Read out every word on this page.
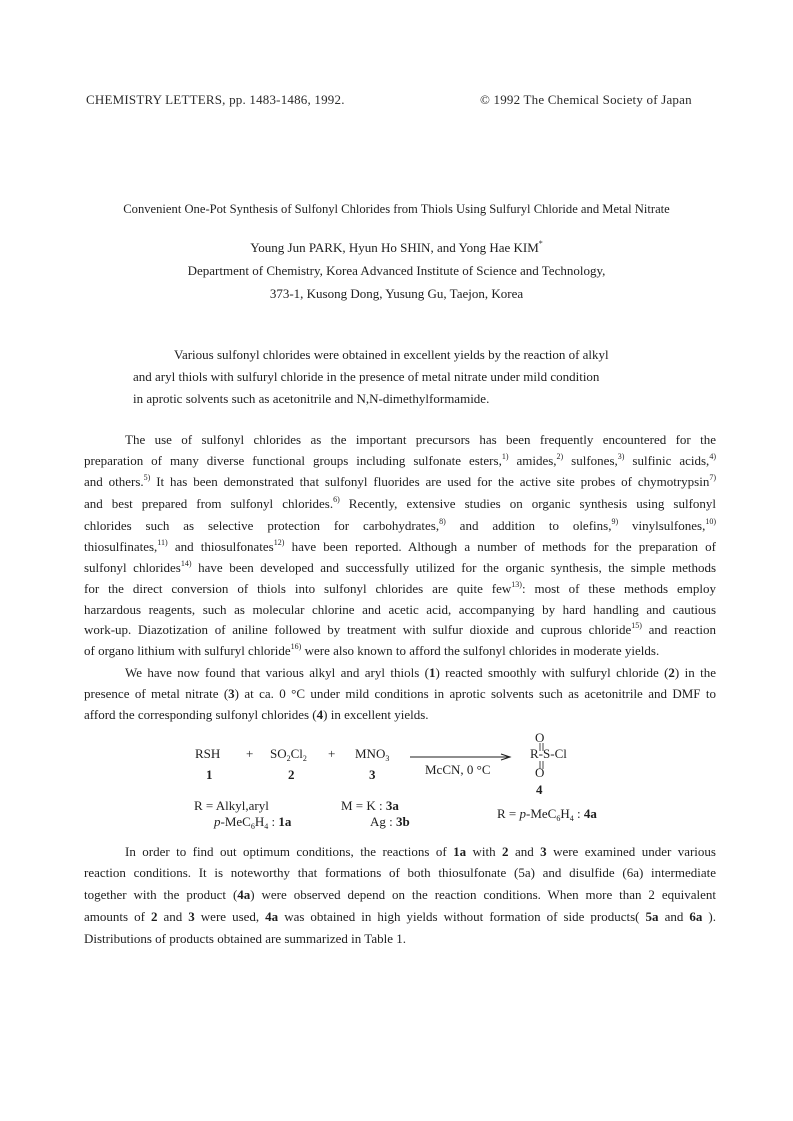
CHEMISTRY LETTERS, pp. 1483-1486, 1992.	© 1992 The Chemical Society of Japan
Convenient One-Pot Synthesis of Sulfonyl Chlorides from Thiols Using Sulfuryl Chloride and Metal Nitrate
Young Jun PARK, Hyun Ho SHIN, and Yong Hae KIM*
Department of Chemistry, Korea Advanced Institute of Science and Technology,
373-1, Kusong Dong, Yusung Gu, Taejon, Korea
Various sulfonyl chlorides were obtained in excellent yields by the reaction of alkyl
and aryl thiols with sulfuryl chloride in the presence of metal nitrate under mild condition
in aprotic solvents such as acetonitrile and N,N-dimethylformamide.
The use of sulfonyl chlorides as the important precursors has been frequently encountered for the
preparation of many diverse functional groups including sulfonate esters,$^{1)}$ amides,$^{2)}$ sulfones,$^{3)}$ sulfinic acids,$^{4)}$
and others.$^{5)}$ It has been demonstrated that sulfonyl fluorides are used for the active site probes of chymotrypsin$^{7)}$
and best prepared from sulfonyl chlorides.$^{6)}$ Recently, extensive studies on organic synthesis using sulfonyl
chlorides such as selective protection for carbohydrates,$^{8)}$ and addition to olefins,$^{9)}$ vinylsulfones,$^{10)}$
thiosulfinates,$^{11)}$ and thiosulfonates$^{12)}$ have been reported. Although a number of methods for the preparation of
sulfonyl chlorides$^{14)}$ have been developed and successfully utilized for the organic synthesis, the simple methods
for the direct conversion of thiols into sulfonyl chlorides are quite few$^{13)}$: most of these methods employ
harzardous reagents, such as molecular chlorine and acetic acid, accompanying by hard handling and cautious
work-up. Diazotization of aniline followed by treatment with sulfur dioxide and cuprous chloride$^{15)}$ and reaction
of organo lithium with sulfuryl chloride$^{16)}$ were also known to afford the sulfonyl chlorides in moderate yields.
We have now found that various alkyl and aryl thiols (1) reacted smoothly with sulfuryl chloride (2) in the
presence of metal nitrate (3) at ca. 0 °C under mild conditions in aprotic solvents such as acetonitrile and DMF to
afford the corresponding sulfonyl chlorides (4) in excellent yields.
RSH + $SO_2Cl_2 + MNO_3$
McCN, 0 °C
O
R-S-Cl
O
1	2	3
4
R = Alkyl,aryl
$p-MeC_6H_4$ : 1a
M = K : 3a
Ag : 3b
$R = p-MeC_6H_4$ : 4a
In order to find out optimum conditions, the reactions of 1a with 2 and 3 were examined under various
reaction conditions. It is noteworthy that formations of both thiosulfonate (5a) and disulfide (6a) intermediate
together with the product (4a) were observed depend on the reaction conditions. When more than 2 equivalent
amounts of 2 and 3 were used, 4a was obtained in high yields without formation of side products( 5a and 6a ).
Distributions of products obtained are summarized in Table 1.
